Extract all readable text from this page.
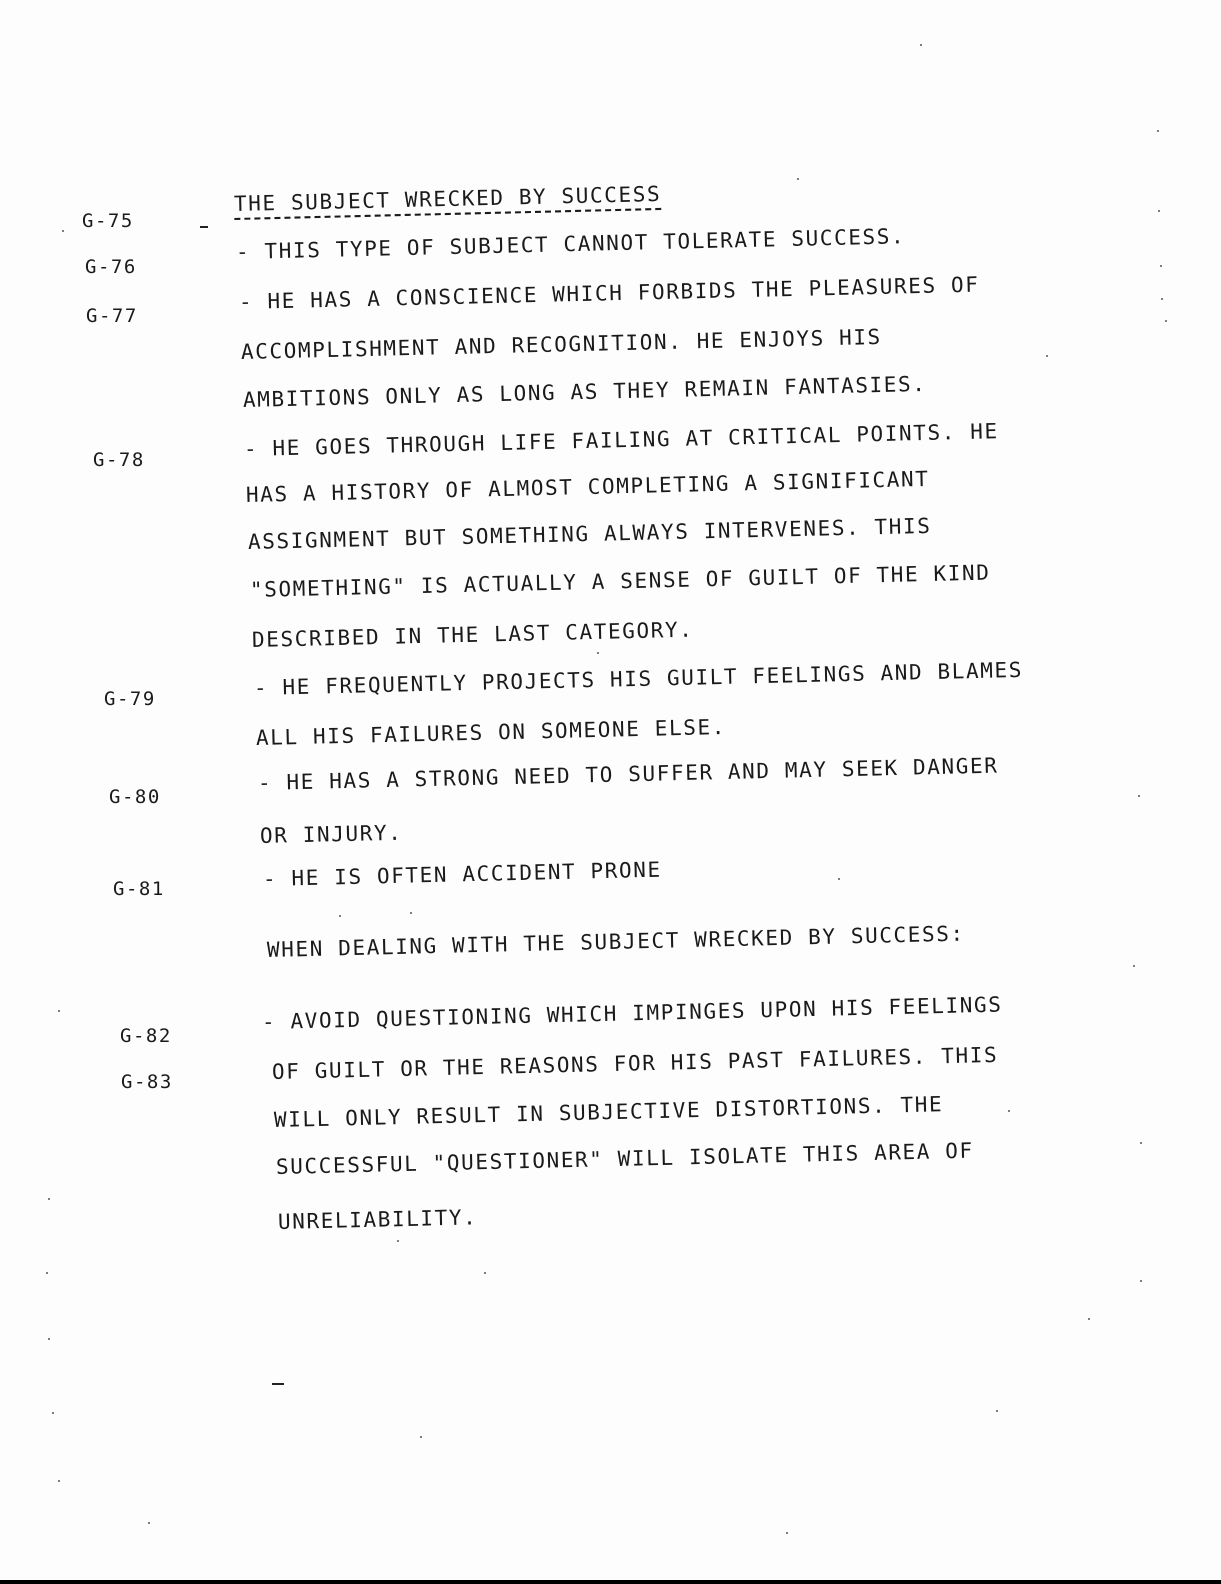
THE SUBJECT WRECKED BY SUCCESS
G-75
G-76
G-77
G-78
G-79
G-80
G-81
G-82
G-83
- THIS TYPE OF SUBJECT CANNOT TOLERATE SUCCESS.
- HE HAS A CONSCIENCE WHICH FORBIDS THE PLEASURES OF
ACCOMPLISHMENT AND RECOGNITION. HE ENJOYS HIS
AMBITIONS ONLY AS LONG AS THEY REMAIN FANTASIES.
- HE GOES THROUGH LIFE FAILING AT CRITICAL POINTS. HE
HAS A HISTORY OF ALMOST COMPLETING A SIGNIFICANT
ASSIGNMENT BUT SOMETHING ALWAYS INTERVENES. THIS
"SOMETHING" IS ACTUALLY A SENSE OF GUILT OF THE KIND
DESCRIBED IN THE LAST CATEGORY.
- HE FREQUENTLY PROJECTS HIS GUILT FEELINGS AND BLAMES
ALL HIS FAILURES ON SOMEONE ELSE.
- HE HAS A STRONG NEED TO SUFFER AND MAY SEEK DANGER
OR INJURY.
- HE IS OFTEN ACCIDENT PRONE
WHEN DEALING WITH THE SUBJECT WRECKED BY SUCCESS:
- AVOID QUESTIONING WHICH IMPINGES UPON HIS FEELINGS
OF GUILT OR THE REASONS FOR HIS PAST FAILURES. THIS
WILL ONLY RESULT IN SUBJECTIVE DISTORTIONS. THE
SUCCESSFUL "QUESTIONER" WILL ISOLATE THIS AREA OF
UNRELIABILITY.
